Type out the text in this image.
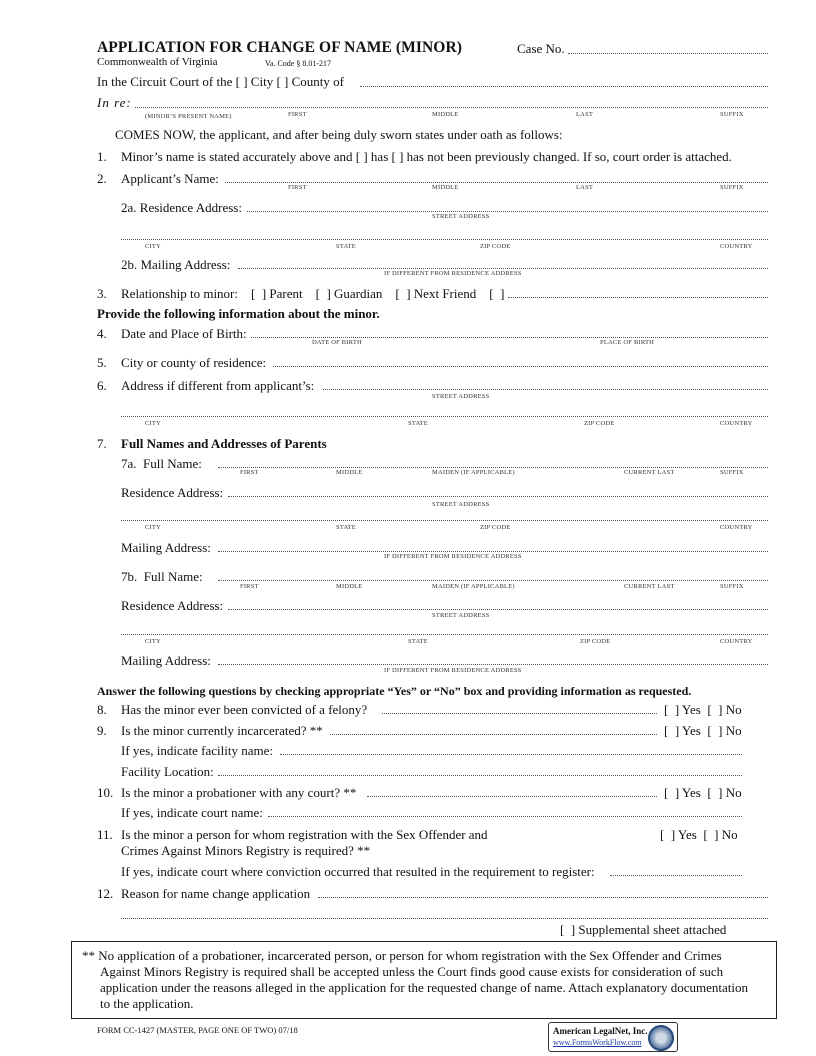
APPLICATION FOR CHANGE OF NAME (MINOR)	Case No.
Commonwealth of Virginia	Va. Code § 8.01-217
In the Circuit Court of the [ ] City [ ] County of
In re:
(MINOR’S PRESENT NAME)	FIRST	MIDDLE	LAST	SUFFIX
COMES NOW, the applicant, and after being duly sworn states under oath as follows:
1. Minor’s name is stated accurately above and [ ] has [ ] has not been previously changed. If so, court order is attached.
2. Applicant’s Name:
FIRST	MIDDLE	LAST	SUFFIX
2a. Residence Address:
STREET ADDRESS
CITY	STATE	ZIP CODE	COUNTRY
2b. Mailing Address:
IF DIFFERENT FROM RESIDENCE ADDRESS
3. Relationship to minor:    [  ] Parent    [  ] Guardian    [  ] Next Friend    [  ]
Provide the following information about the minor.
4. Date and Place of Birth:
DATE OF BIRTH	PLACE OF BIRTH
5. City or county of residence:
6. Address if different from applicant’s:
STREET ADDRESS
CITY	STATE	ZIP CODE	COUNTRY
7. Full Names and Addresses of Parents
7a.  Full Name:
FIRST	MIDDLE	MAIDEN (IF APPLICABLE)	CURRENT LAST	SUFFIX
Residence Address:
STREET ADDRESS
CITY	STATE	ZIP CODE	COUNTRY
Mailing Address:
IF DIFFERENT FROM RESIDENCE ADDRESS
7b.  Full Name:
FIRST	MIDDLE	MAIDEN (IF APPLICABLE)	CURRENT LAST	SUFFIX
Residence Address:
STREET ADDRESS
CITY	STATE	ZIP CODE	COUNTRY
Mailing Address:
IF DIFFERENT FROM RESIDENCE ADDRESS
Answer the following questions by checking appropriate “Yes” or “No” box and providing information as requested.
8. Has the minor ever been convicted of a felony?	[  ] Yes  [  ] No
9. Is the minor currently incarcerated? **	[  ] Yes  [  ] No
If yes, indicate facility name:
Facility Location:
10. Is the minor a probationer with any court? **	[  ] Yes  [  ] No
If yes, indicate court name:
11. Is the minor a person for whom registration with the Sex Offender and	[  ] Yes  [  ] No
Crimes Against Minors Registry is required? **
If yes, indicate court where conviction occurred that resulted in the requirement to register:
12. Reason for name change application
[  ] Supplemental sheet attached
** No application of a probationer, incarcerated person, or person for whom registration with the Sex Offender and Crimes
Against Minors Registry is required shall be accepted unless the Court finds good cause exists for consideration of such
application under the reasons alleged in the application for the requested change of name. Attach explanatory documentation
to the application.
FORM CC-1427 (MASTER, PAGE ONE OF TWO) 07/18	American LegalNet, Inc.
www.FormsWorkFlow.com
